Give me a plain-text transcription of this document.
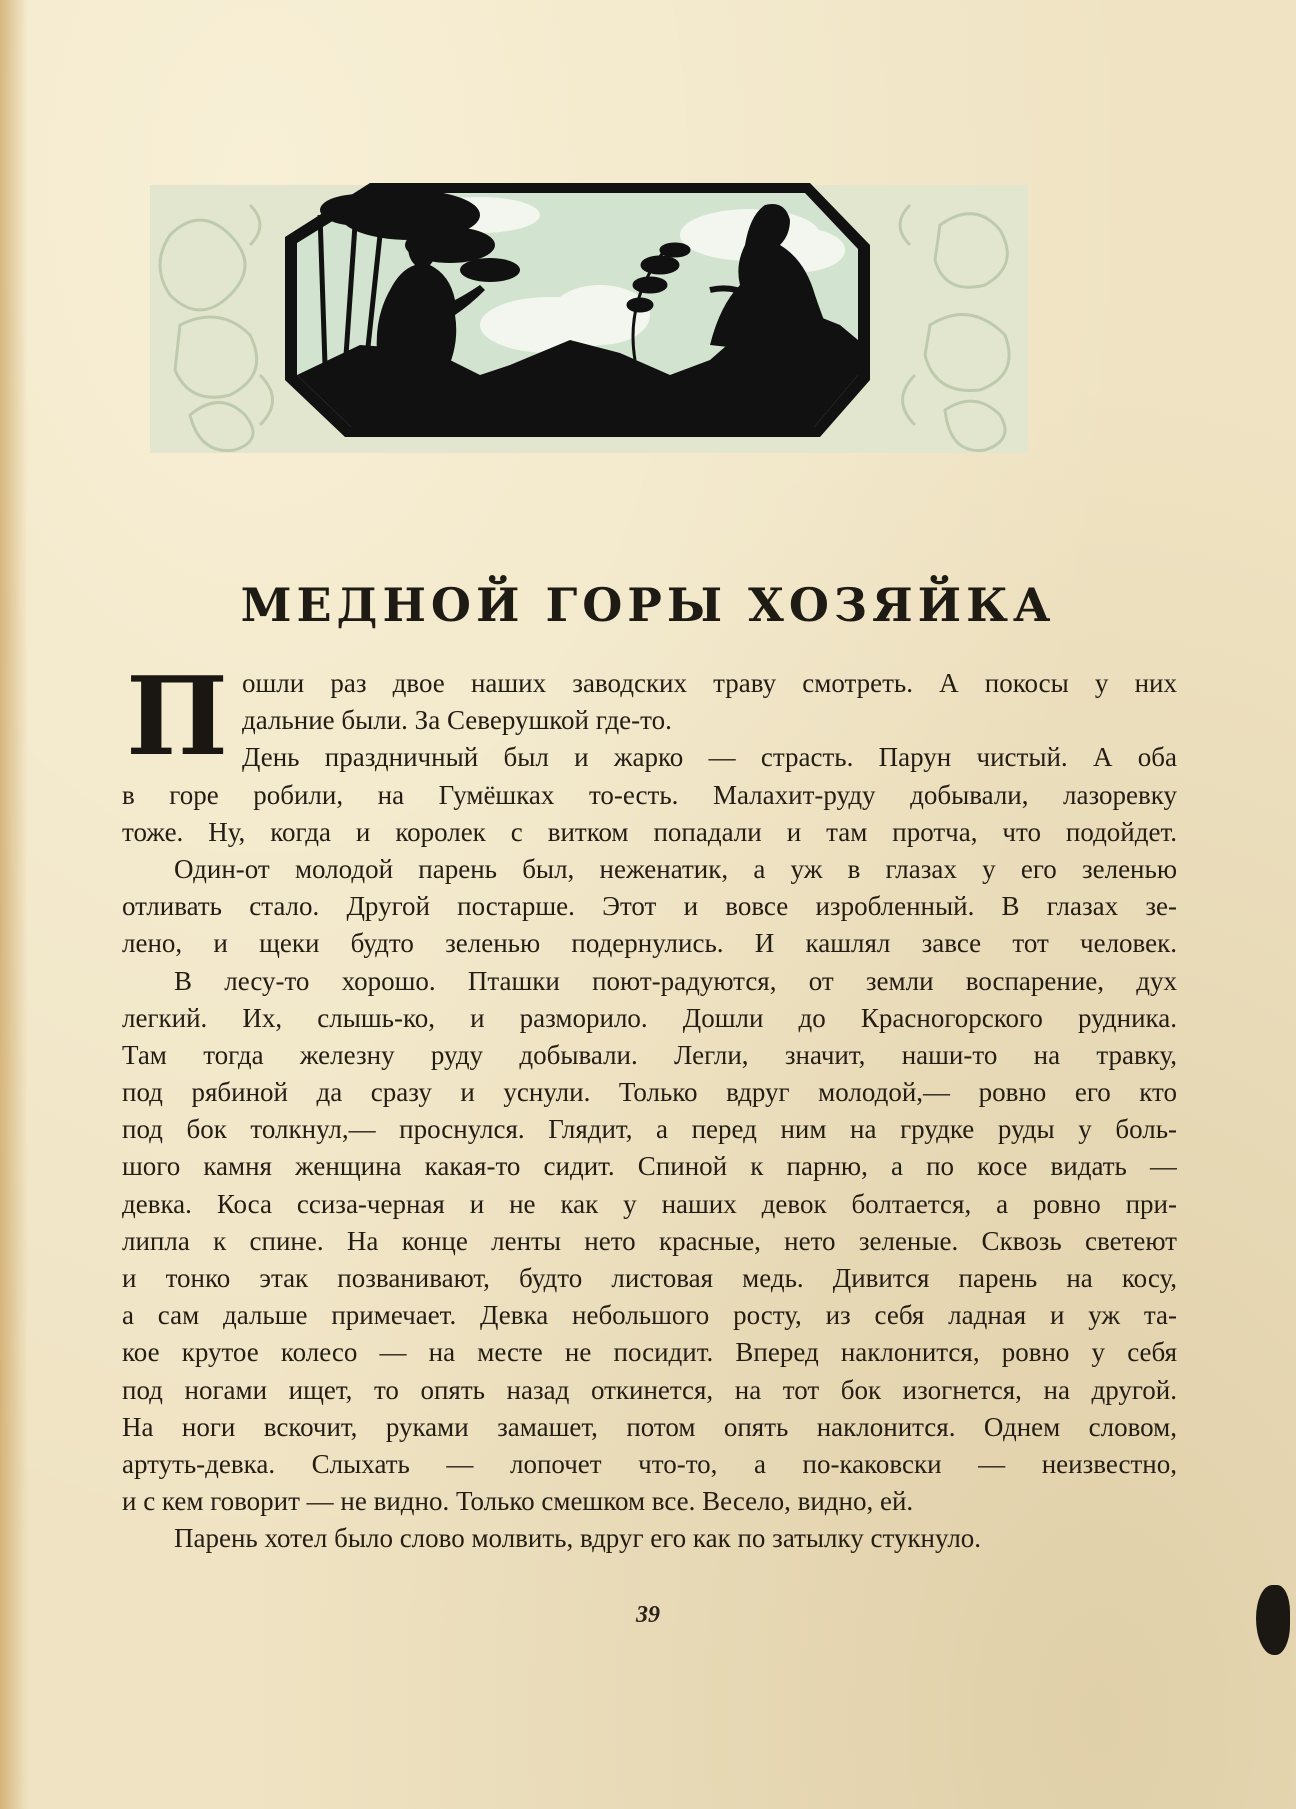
МЕДНОЙ ГОРЫ ХОЗЯЙКА
П ошли раз двое наших заводских траву смотреть. А покосы у них
дальние были. За Северушкой где-то.
День праздничный был и жарко — страсть. Парун чистый. А оба
в горе робили, на Гумёшках то-есть. Малахит-руду добывали, лазоревку
тоже. Ну, когда и королек с витком попадали и там протча, что подойдет.
Один-от молодой парень был, неженатик, а уж в глазах у его зеленью
отливать стало. Другой постарше. Этот и вовсе изробленный. В глазах зе-
лено, и щеки будто зеленью подернулись. И кашлял завсе тот человек.
В лесу-то хорошо. Пташки поют-радуются, от земли воспарение, дух
легкий. Их, слышь-ко, и разморило. Дошли до Красногорского рудника.
Там тогда железну руду добывали. Легли, значит, наши-то на травку,
под рябиной да сразу и уснули. Только вдруг молодой,— ровно его кто
под бок толкнул,— проснулся. Глядит, а перед ним на грудке руды у боль-
шого камня женщина какая-то сидит. Спиной к парню, а по косе видать —
девка. Коса ссиза-черная и не как у наших девок болтается, а ровно при-
липла к спине. На конце ленты нето красные, нето зеленые. Сквозь светеют
и тонко этак позванивают, будто листовая медь. Дивится парень на косу,
а сам дальше примечает. Девка небольшого росту, из себя ладная и уж та-
кое крутое колесо — на месте не посидит. Вперед наклонится, ровно у себя
под ногами ищет, то опять назад откинется, на тот бок изогнется, на другой.
На ноги вскочит, руками замашет, потом опять наклонится. Однем словом,
артуть-девка. Слыхать — лопочет что-то, а по-каковски — неизвестно,
и с кем говорит — не видно. Только смешком все. Весело, видно, ей.
Парень хотел было слово молвить, вдруг его как по затылку стукнуло.
39
